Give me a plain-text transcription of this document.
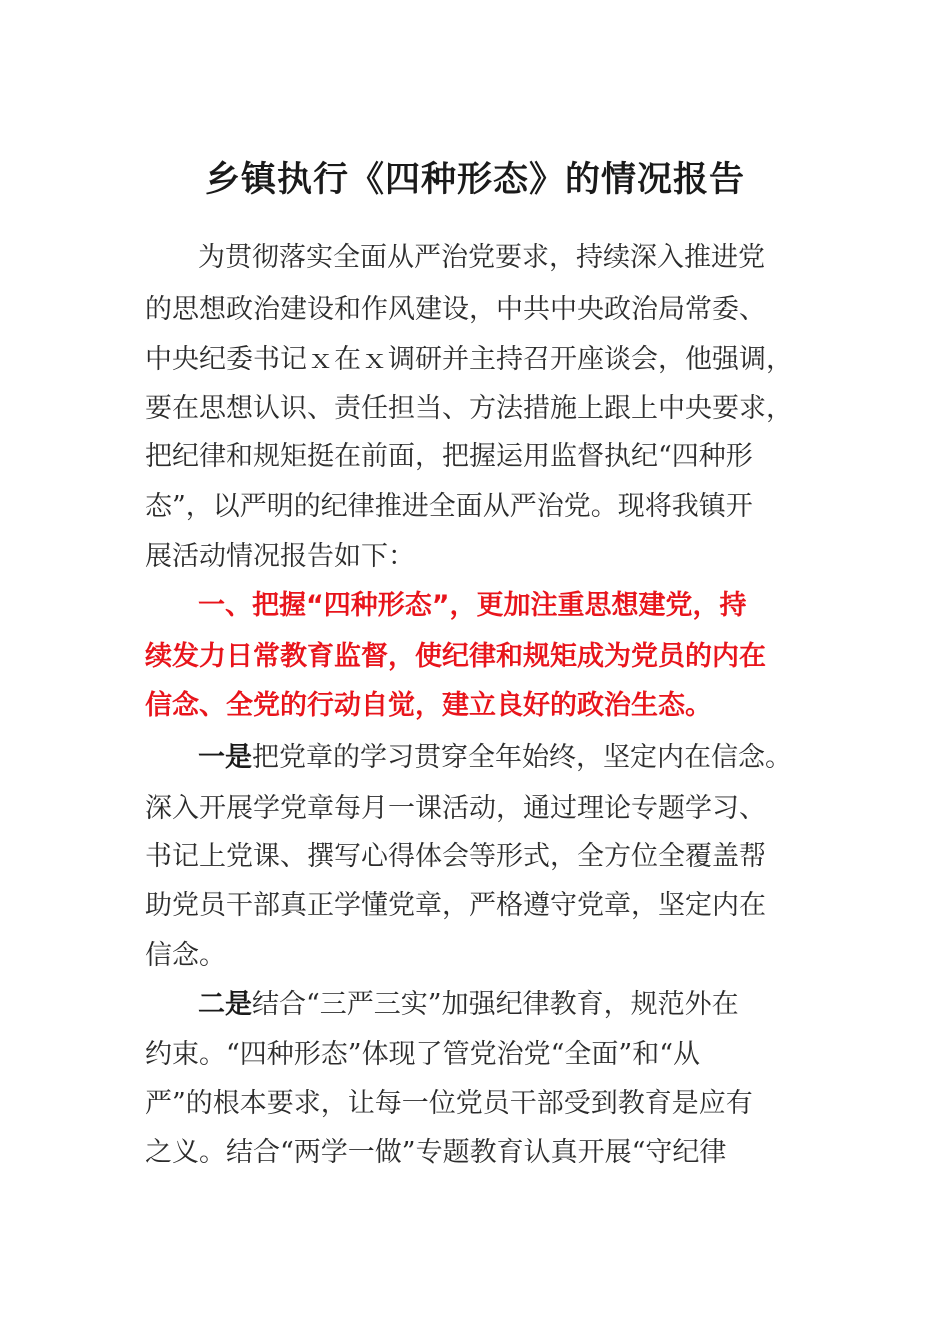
乡镇执行《四种形态》的情况报告

为贯彻落实全面从严治党要求，持续深入推进党

的思想政治建设和作风建设，中共中央政治局常委、

中央纪委书记ｘ在ｘ调研并主持召开座谈会，他强调，

要在思想认识、责任担当、方法措施上跟上中央要求，

把纪律和规矩挺在前面，把握运用监督执纪“四种形

态”，以严明的纪律推进全面从严治党。现将我镇开

展活动情况报告如下：

一、把握“四种形态”，更加注重思想建党，持

续发力日常教育监督，使纪律和规矩成为党员的内在

信念、全党的行动自觉，建立良好的政治生态。

一是把党章的学习贯穿全年始终，坚定内在信念。

深入开展学党章每月一课活动，通过理论专题学习、

书记上党课、撰写心得体会等形式，全方位全覆盖帮

助党员干部真正学懂党章，严格遵守党章，坚定内在

信念。

二是结合“三严三实”加强纪律教育，规范外在

约束。“四种形态”体现了管党治党“全面”和“从

严”的根本要求，让每一位党员干部受到教育是应有

之义。结合“两学一做”专题教育认真开展“守纪律
